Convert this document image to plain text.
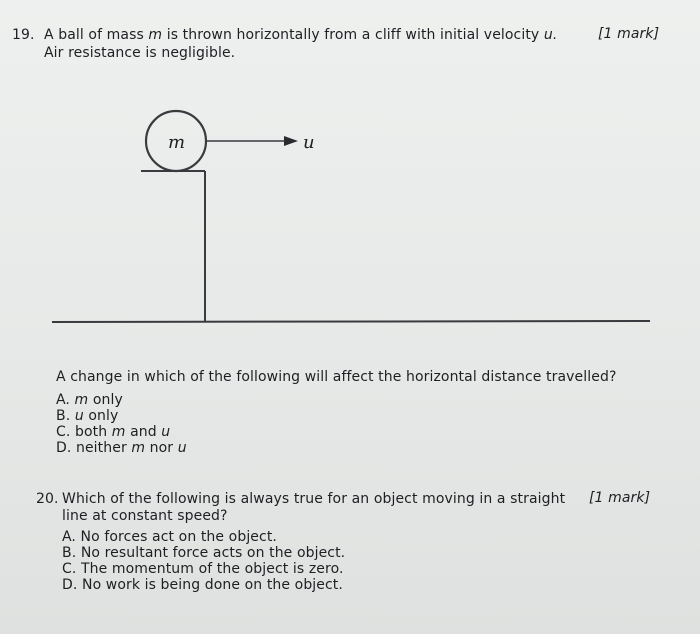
19. A ball of mass m is thrown horizontally from a cliff with initial velocity u.	[1 mark]
Air resistance is negligible.
m	u
A change in which of the following will affect the horizontal distance travelled?
A. m only
B. u only
C. both m and u
D. neither m nor u
20. Which of the following is always true for an object moving in a straight [1 mark]
line at constant speed?
A. No forces act on the object.
B. No resultant force acts on the object.
C. The momentum of the object is zero.
D. No work is being done on the object.
